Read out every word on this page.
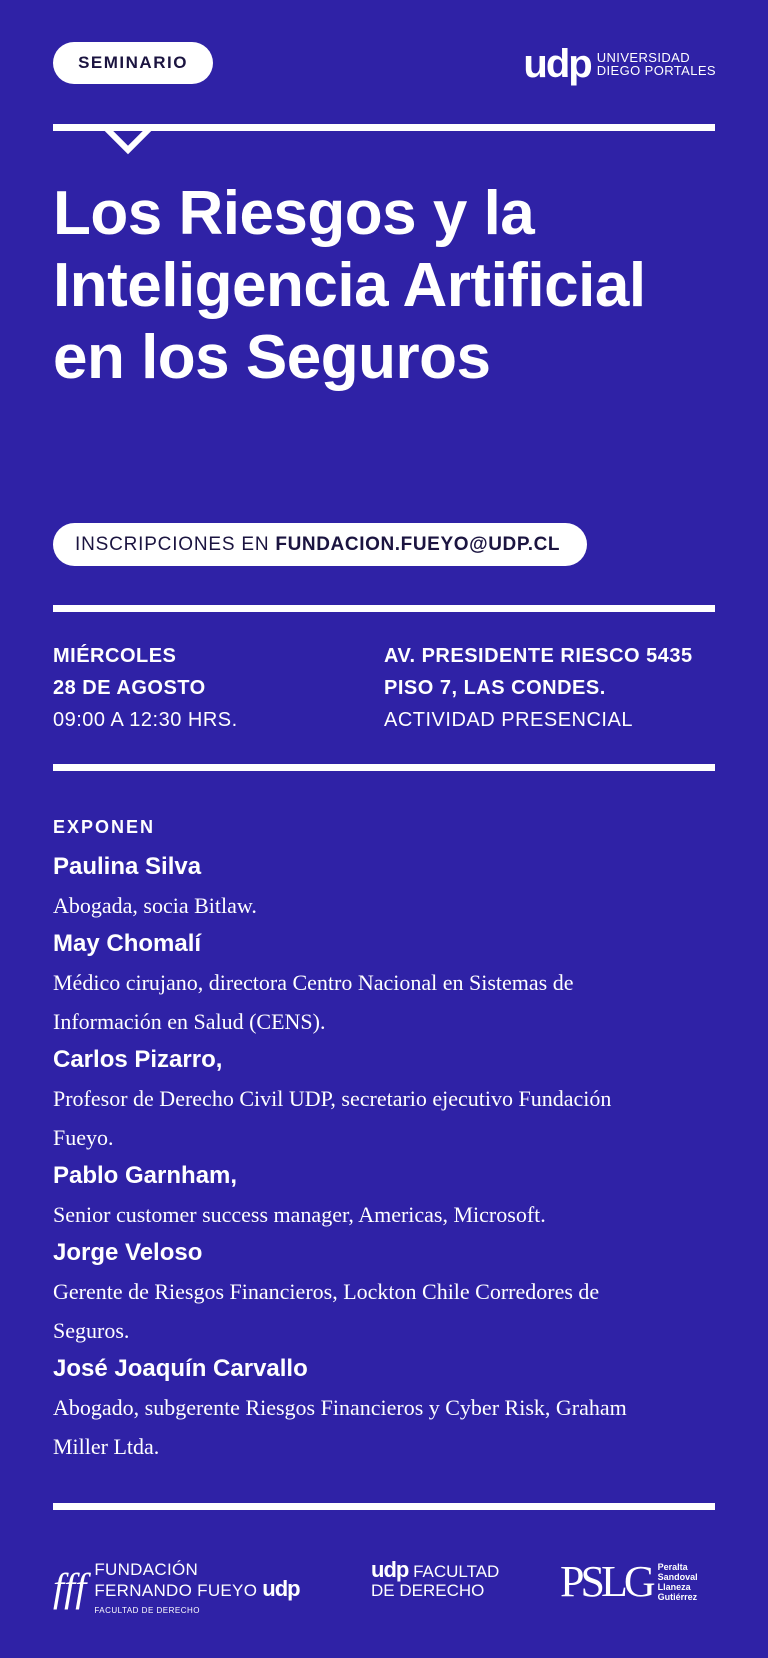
SEMINARIO	udp UNIVERSIDAD
DIEGO PORTALES
Los Riesgos y la
Inteligencia Artificial
en los Seguros
INSCRIPCIONES EN FUNDACION.FUEYO@UDP.CL
MIÉRCOLES
28 DE AGOSTO
09:00 A 12:30 HRS.
AV. PRESIDENTE RIESCO 5435
PISO 7, LAS CONDES.
ACTIVIDAD PRESENCIAL
EXPONEN
Paulina Silva
Abogada, socia Bitlaw.
May Chomalí
Médico cirujano, directora Centro Nacional en Sistemas de
Información en Salud (CENS).
Carlos Pizarro,
Profesor de Derecho Civil UDP, secretario ejecutivo Fundación
Fueyo.
Pablo Garnham,
Senior customer success manager, Americas, Microsoft.
Jorge Veloso
Gerente de Riesgos Financieros, Lockton Chile Corredores de
Seguros.
José Joaquín Carvallo
Abogado, subgerente Riesgos Financieros y Cyber Risk, Graham
Miller Ltda.
fff FUNDACIÓN
FERNANDO FUEYO udp
FACULTAD DE DERECHO
udp FACULTAD
DE DERECHO	PSLG Peralta
Sandoval
Llaneza
Gutiérrez
